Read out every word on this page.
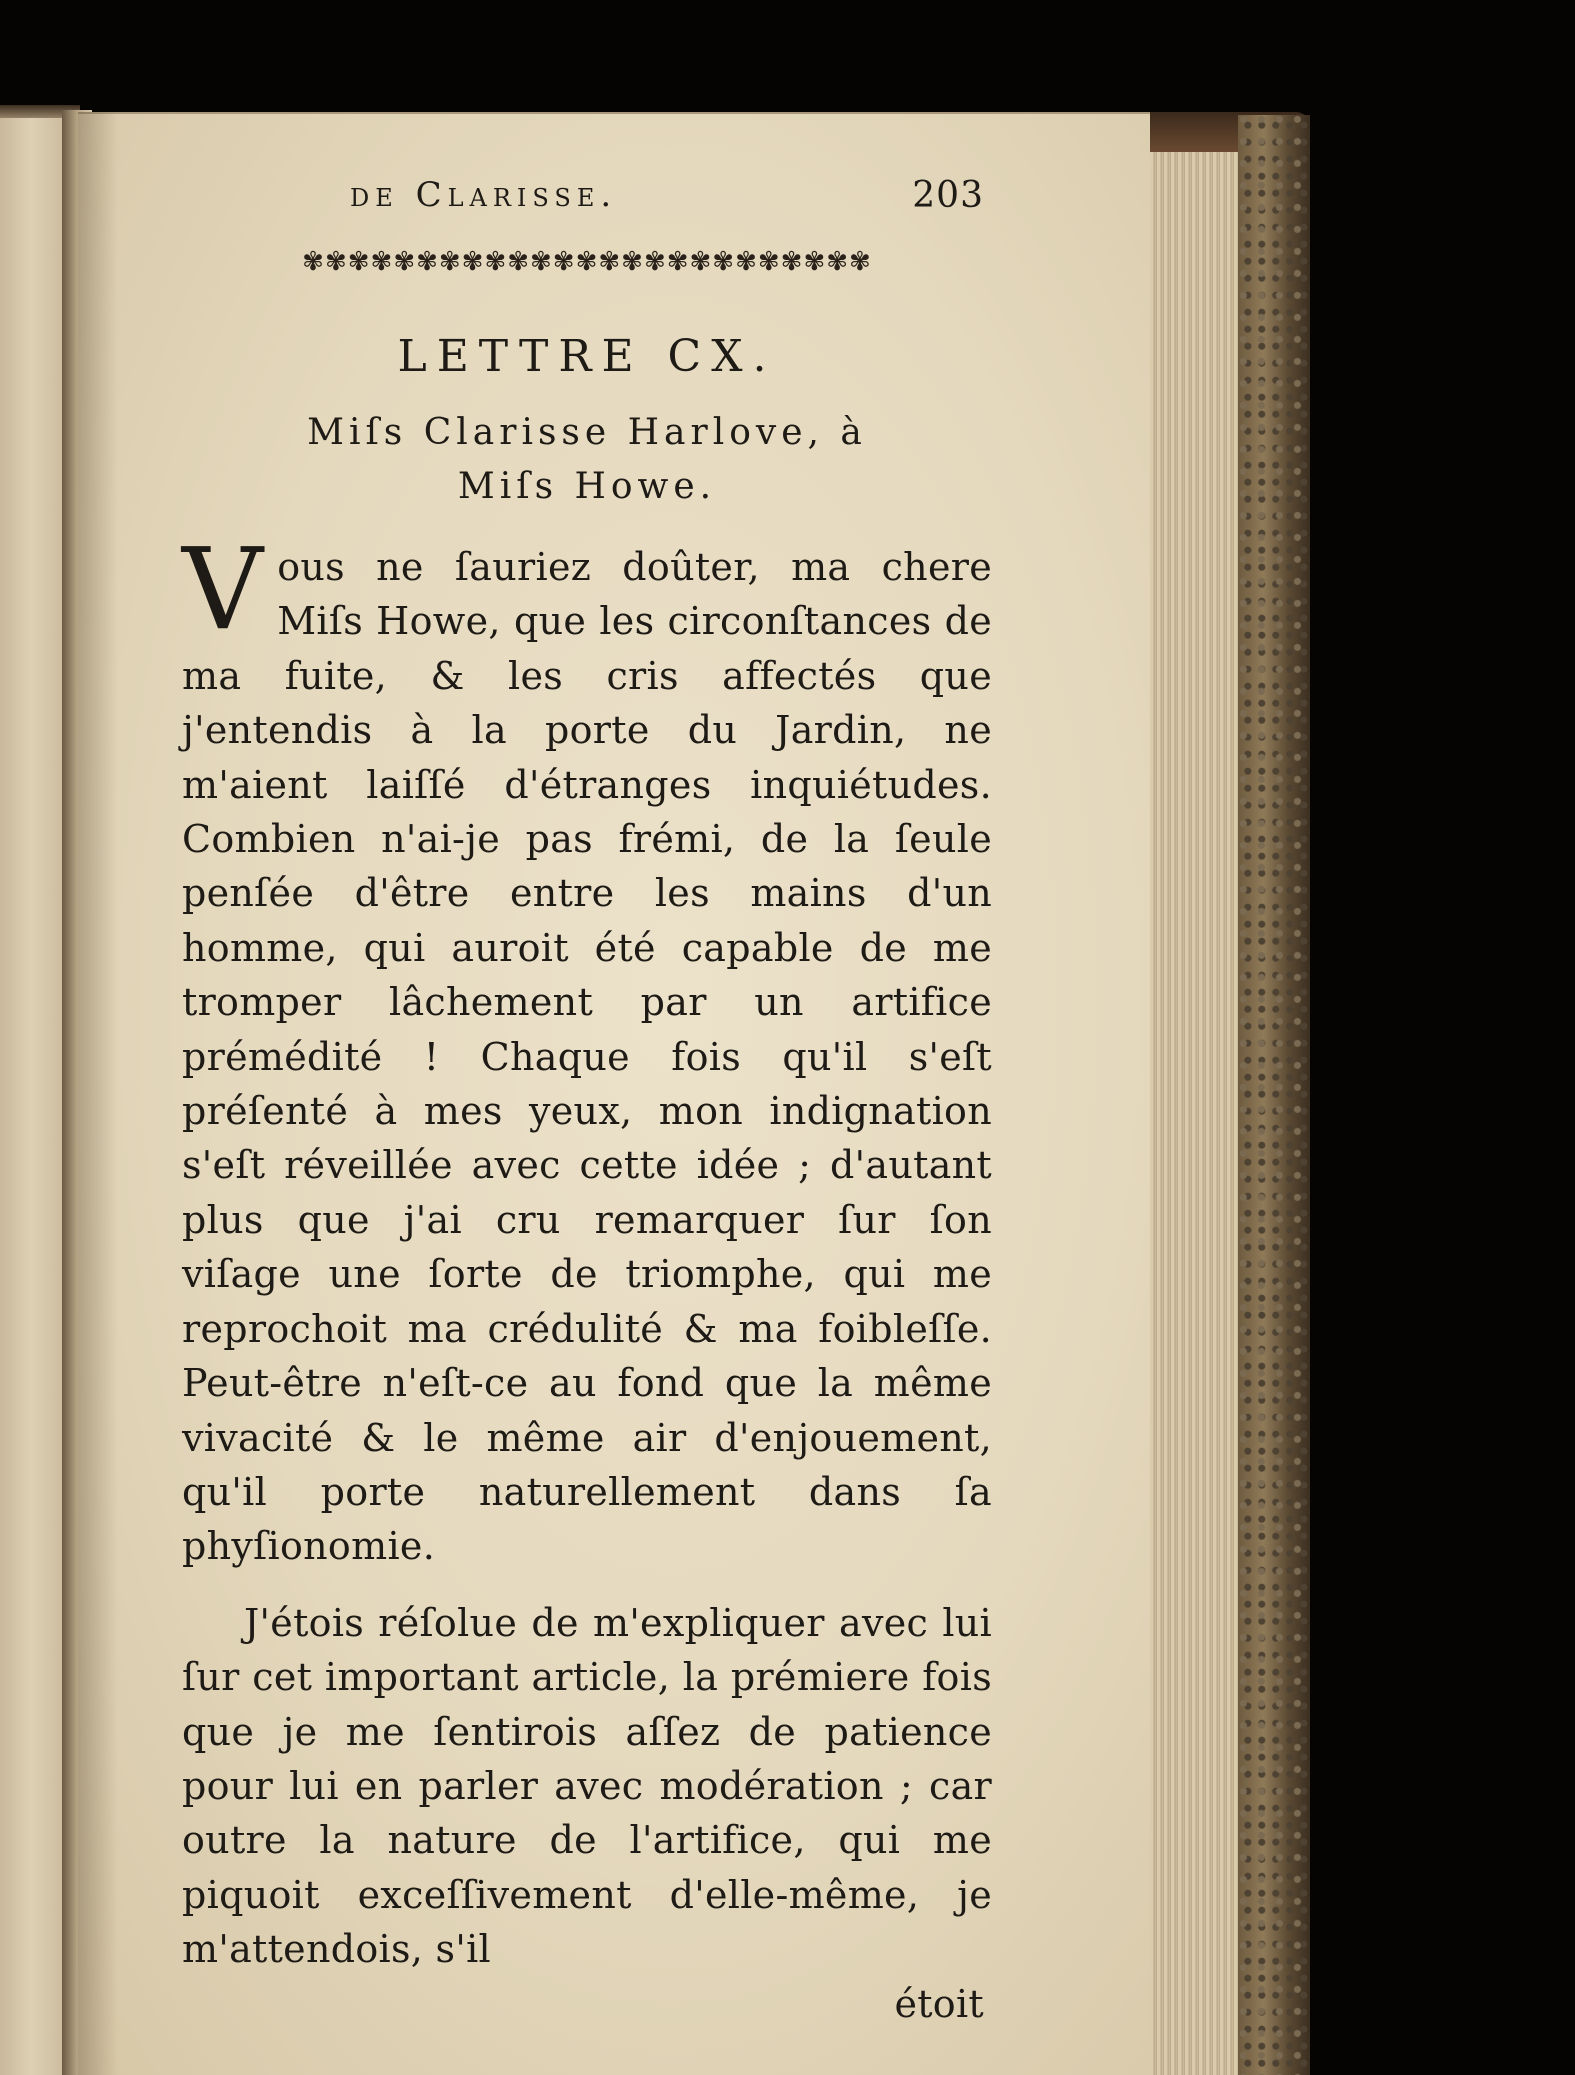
de Clarisse.	203
✾✾✾✾✾✾✾✾✾✾✾✾✾✾✾✾✾✾✾✾✾✾✾✾✾
LETTRE CX.
Miſs Clarisse Harlove, à
Miſs Howe.

Vous ne ſauriez doûter, ma chere Miſs Howe, que les circonſtances de ma fuite, & les cris affectés que j'entendis à la porte du Jardin, ne m'aient laiſſé d'étranges inquiétudes. Combien n'ai-je pas frémi, de la ſeule penſée d'être entre les mains d'un homme, qui auroit été capable de me tromper lâchement par un artifice prémédité ! Chaque fois qu'il s'eſt préſenté à mes yeux, mon indignation s'eſt réveillée avec cette idée ; d'autant plus que j'ai cru remarquer ſur ſon viſage une ſorte de triomphe, qui me reprochoit ma crédulité & ma foibleſſe. Peut-être n'eſt-ce au fond que la même vivacité & le même air d'enjouement, qu'il porte naturellement dans ſa phyſionomie.

J'étois réſolue de m'expliquer avec lui ſur cet important article, la prémiere fois que je me ſentirois aſſez de patience pour lui en parler avec modération ; car outre la nature de l'artifice, qui me piquoit exceſſivement d'elle-même, je m'attendois, s'il

étoit
